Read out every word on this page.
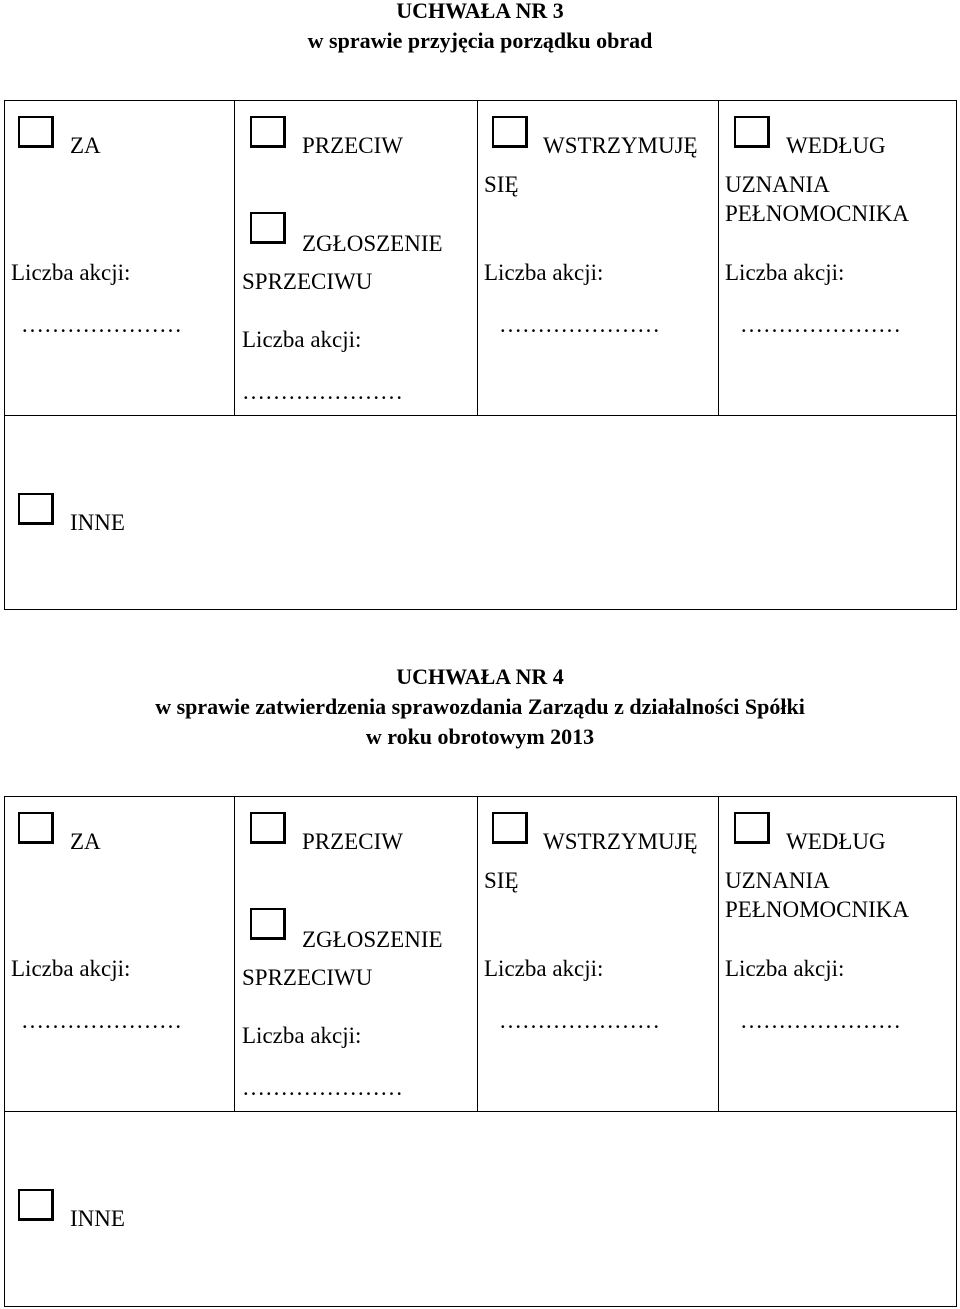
UCHWAŁA NR 3
w sprawie przyjęcia porządku obrad
ZA
Liczba akcji:
…………………
PRZECIW
ZGŁOSZENIE
SPRZECIWU
Liczba akcji:
…………………
WSTRZYMUJĘ
SIĘ
Liczba akcji:
…………………
WEDŁUG
UZNANIA
PEŁNOMOCNIKA
Liczba akcji:
…………………
INNE
UCHWAŁA NR 4
w sprawie zatwierdzenia sprawozdania Zarządu z działalności Spółki
w roku obrotowym 2013
ZA
Liczba akcji:
…………………
PRZECIW
ZGŁOSZENIE
SPRZECIWU
Liczba akcji:
…………………
WSTRZYMUJĘ
SIĘ
Liczba akcji:
…………………
WEDŁUG
UZNANIA
PEŁNOMOCNIKA
Liczba akcji:
…………………
INNE
